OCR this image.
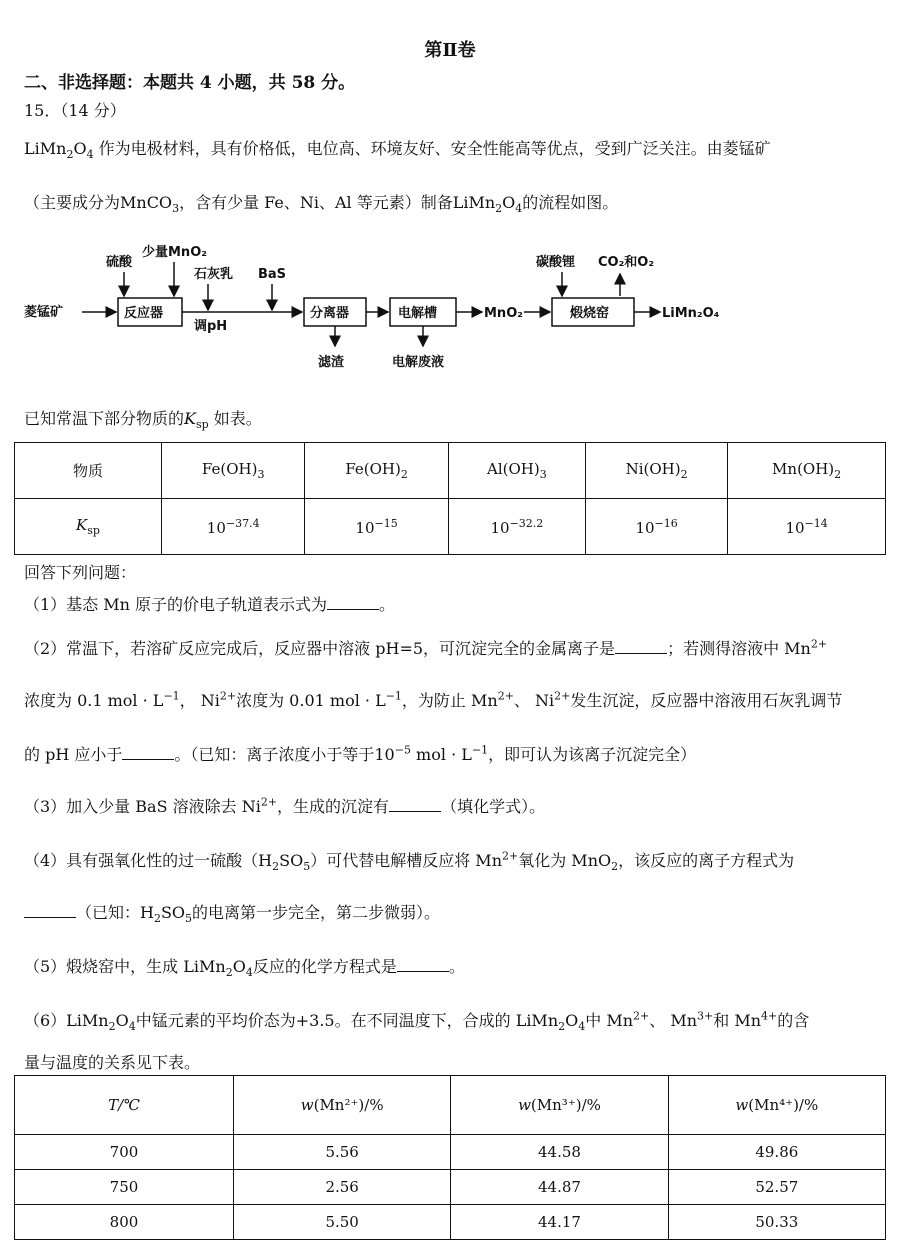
第Ⅱ卷
二、非选择题：本题共 4 小题，共 58 分。
15．（14 分）
$LiMn_2O_4$ 作为电极材料，具有价格低，电位高、环境友好、安全性能高等优点，受到广泛关注。由菱锰矿
（主要成分为MnCO$_3$，含有少量 Fe、Ni、Al 等元素）制备$LiMn_2O_4$的流程如图。
菱锰矿	反应器
硫酸
少量MnO₂
石灰乳
调pH
BaS
分离器
滤渣
电解槽
电解废液
MnO₂	煅烧窑
碳酸锂 CO₂和O₂
LiMn₂O₄
已知常温下部分物质的$K_{sp}$ 如表。
物质	$Fe(OH)_3$	$Fe(OH)_2$	$Al(OH)_3$	$Ni(OH)_2$	$Mn(OH)_2$
$K_{sp}$	$10^{-37.4}$	$10^{-15}$	$10^{-32.2}$	$10^{-16}$	$10^{-14}$
回答下列问题：
（1）基态 Mn 原子的价电子轨道表示式为	。
（2）常温下，若溶矿反应完成后，反应器中溶液 pH=5，可沉淀完全的金属离子是	；若测得溶液中 $Mn^{2+}$
浓度为 0.1 mol · $L^{-1}$， $Ni^{2+}$浓度为 0.01 mol · $L^{-1}$，为防止 $Mn^{2+}$、 $Ni^{2+}$发生沉淀，反应器中溶液用石灰乳调节
的 pH 应小于	。（已知：离子浓度小于等于$10^{-5}$ mol · $L^{-1}$，即可认为该离子沉淀完全）
（3）加入少量 BaS 溶液除去 $Ni^{2+}$，生成的沉淀有	（填化学式）。
（4）具有强氧化性的过一硫酸$(H_2SO_5)$可代替电解槽反应将 $Mn^{2+}$氧化为 MnO$_2$，该反应的离子方程式为
（已知：$H_2SO_5$的电离第一步完全，第二步微弱）。
（5）煅烧窑中，生成 $LiMn_2O_4$反应的化学方程式是	。
$(6)LiMn_2O_4$中锰元素的平均价态为+3.5。在不同温度下，合成的 $LiMn_2O_4$中 $Mn^{2+}$、 $Mn^{3+}$和 $Mn^{4+}$的含
量与温度的关系见下表。
T/℃	w(Mn²⁺)/%	w(Mn³⁺)/%	w(Mn⁴⁺)/%
700	5.56	44.58	49.86
750	2.56	44.87	52.57
800	5.50	44.17	50.33
